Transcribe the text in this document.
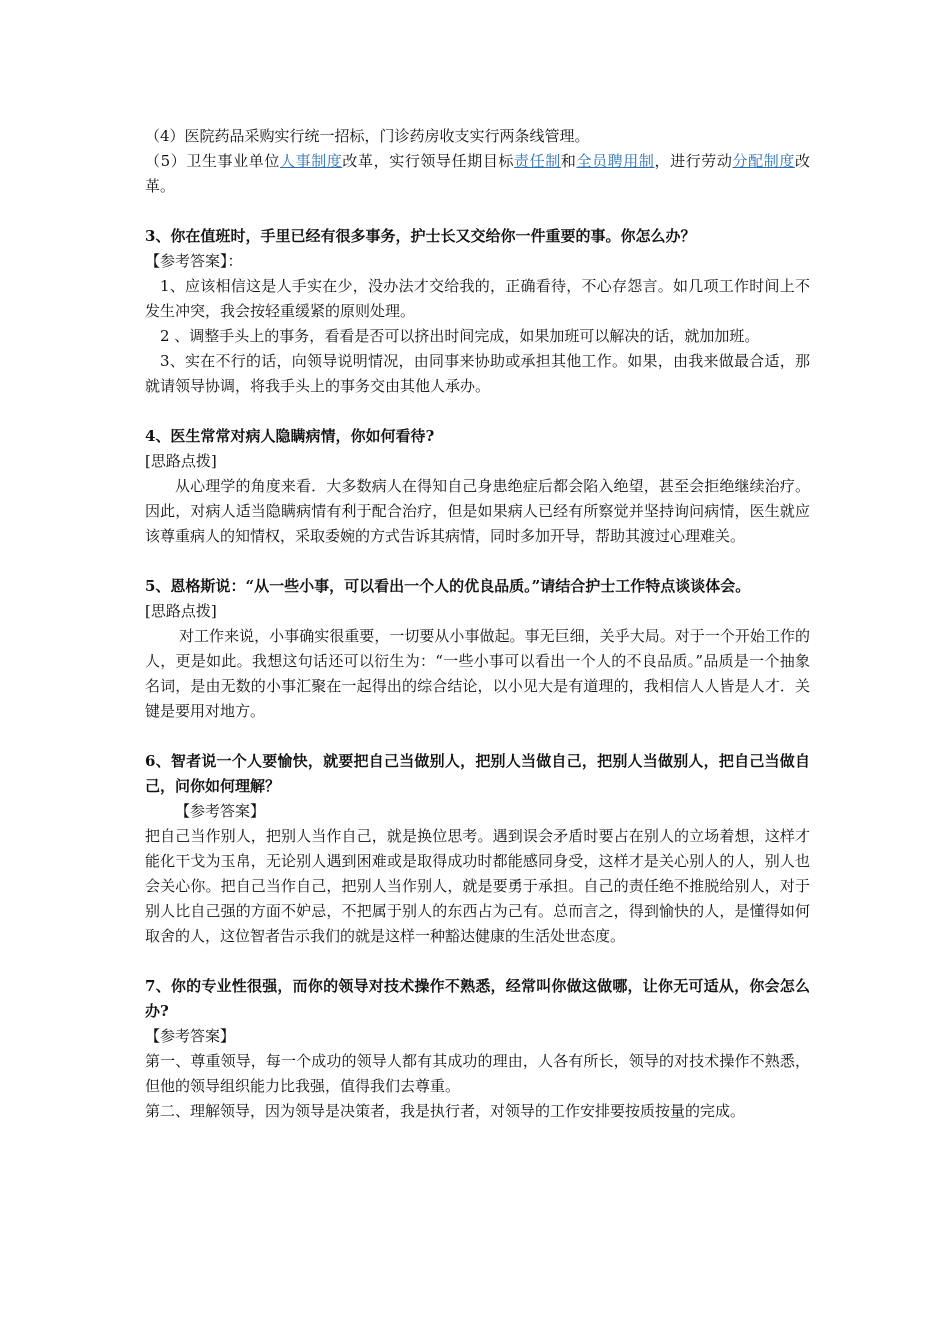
（4）医院药品采购实行统一招标，门诊药房收支实行两条线管理。

（5）卫生事业单位人事制度改革，实行领导任期目标责任制和全员聘用制，进行劳动分配制度改革。

3、你在值班时，手里已经有很多事务，护士长又交给你一件重要的事。你怎么办？

【参考答案】：

1、应该相信这是人手实在少，没办法才交给我的，正确看待，不心存怨言。如几项工作时间上不发生冲突，我会按轻重缓紧的原则处理。

2 、调整手头上的事务，看看是否可以挤出时间完成，如果加班可以解决的话，就加加班。

3、实在不行的话，向领导说明情况，由同事来协助或承担其他工作。如果，由我来做最合适，那就请领导协调，将我手头上的事务交由其他人承办。

4、医生常常对病人隐瞒病情，你如何看待?

[思路点拨]

从心理学的角度来看．大多数病人在得知自己身患绝症后都会陷入绝望，甚至会拒绝继续治疗。因此，对病人适当隐瞒病情有利于配合治疗，但是如果病人已经有所察觉并坚持询问病情，医生就应该尊重病人的知情权，采取委婉的方式告诉其病情，同时多加开导，帮助其渡过心理难关。

5、恩格斯说：“从一些小事，可以看出一个人的优良品质。”请结合护士工作特点谈谈体会。

[思路点拨]

对工作来说，小事确实很重要，一切要从小事做起。事无巨细，关乎大局。对于一个开始工作的人，更是如此。我想这句话还可以衍生为：“一些小事可以看出一个人的不良品质。”品质是一个抽象名词，是由无数的小事汇聚在一起得出的综合结论，以小见大是有道理的，我相信人人皆是人才．关键是要用对地方。

6、智者说一个人要愉快，就要把自己当做别人，把别人当做自己，把别人当做别人，把自己当做自己，问你如何理解？

【参考答案】

把自己当作别人，把别人当作自己，就是换位思考。遇到误会矛盾时要占在别人的立场着想，这样才能化干戈为玉帛，无论别人遇到困难或是取得成功时都能感同身受，这样才是关心别人的人，别人也会关心你。把自己当作自己，把别人当作别人，就是要勇于承担。自己的责任绝不推脱给别人，对于别人比自己强的方面不妒忌，不把属于别人的东西占为己有。总而言之，得到愉快的人，是懂得如何取舍的人，这位智者告示我们的就是这样一种豁达健康的生活处世态度。

7、你的专业性很强，而你的领导对技术操作不熟悉，经常叫你做这做哪，让你无可适从，你会怎么办?

【参考答案】

第一、尊重领导，每一个成功的领导人都有其成功的理由，人各有所长，领导的对技术操作不熟悉，但他的领导组织能力比我强，值得我们去尊重。

第二、理解领导，因为领导是决策者，我是执行者，对领导的工作安排要按质按量的完成。
